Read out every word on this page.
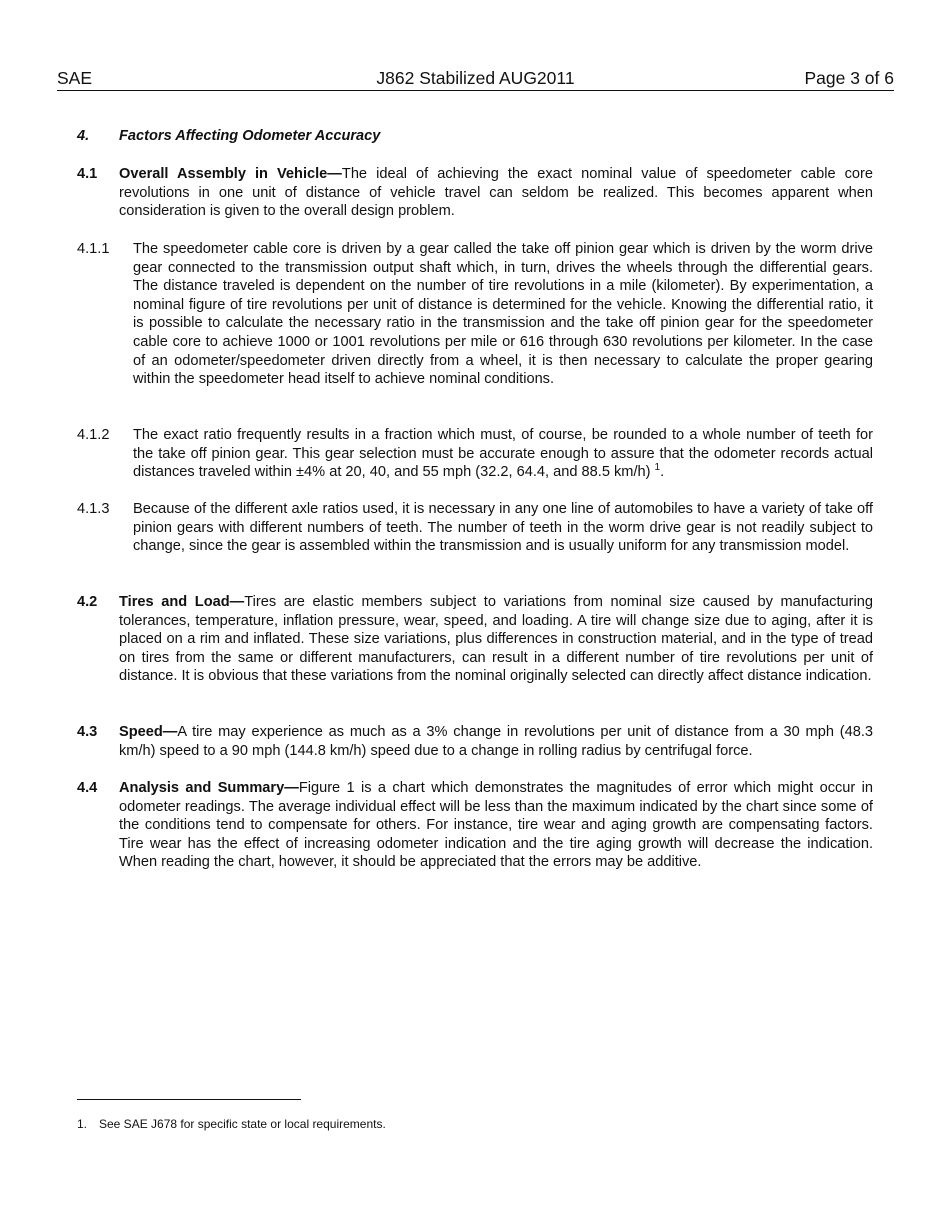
SAE	J862 Stabilized AUG2011	Page 3 of 6
4. Factors Affecting Odometer Accuracy
4.1	Overall Assembly in Vehicle—The ideal of achieving the exact nominal value of speedometer cable core revolutions in one unit of distance of vehicle travel can seldom be realized. This becomes apparent when consideration is given to the overall design problem.
4.1.1	The speedometer cable core is driven by a gear called the take off pinion gear which is driven by the worm drive gear connected to the transmission output shaft which, in turn, drives the wheels through the differential gears. The distance traveled is dependent on the number of tire revolutions in a mile (kilometer). By experimentation, a nominal figure of tire revolutions per unit of distance is determined for the vehicle. Knowing the differential ratio, it is possible to calculate the necessary ratio in the transmission and the take off pinion gear for the speedometer cable core to achieve 1000 or 1001 revolutions per mile or 616 through 630 revolutions per kilometer. In the case of an odometer/speedometer driven directly from a wheel, it is then necessary to calculate the proper gearing within the speedometer head itself to achieve nominal conditions.
4.1.2	The exact ratio frequently results in a fraction which must, of course, be rounded to a whole number of teeth for the take off pinion gear. This gear selection must be accurate enough to assure that the odometer records actual distances traveled within ±4% at 20, 40, and 55 mph (32.2, 64.4, and 88.5 km/h) $^1$.
4.1.3	Because of the different axle ratios used, it is necessary in any one line of automobiles to have a variety of take off pinion gears with different numbers of teeth. The number of teeth in the worm drive gear is not readily subject to change, since the gear is assembled within the transmission and is usually uniform for any transmission model.
4.2	Tires and Load—Tires are elastic members subject to variations from nominal size caused by manufacturing tolerances, temperature, inflation pressure, wear, speed, and loading. A tire will change size due to aging, after it is placed on a rim and inflated. These size variations, plus differences in construction material, and in the type of tread on tires from the same or different manufacturers, can result in a different number of tire revolutions per unit of distance. It is obvious that these variations from the nominal originally selected can directly affect distance indication.
4.3	Speed—A tire may experience as much as a 3% change in revolutions per unit of distance from a 30 mph (48.3 km/h) speed to a 90 mph (144.8 km/h) speed due to a change in rolling radius by centrifugal force.
4.4	Analysis and Summary—Figure 1 is a chart which demonstrates the magnitudes of error which might occur in odometer readings. The average individual effect will be less than the maximum indicated by the chart since some of the conditions tend to compensate for others. For instance, tire wear and aging growth are compensating factors. Tire wear has the effect of increasing odometer indication and the tire aging growth will decrease the indication. When reading the chart, however, it should be appreciated that the errors may be additive.
1. See SAE J678 for specific state or local requirements.
